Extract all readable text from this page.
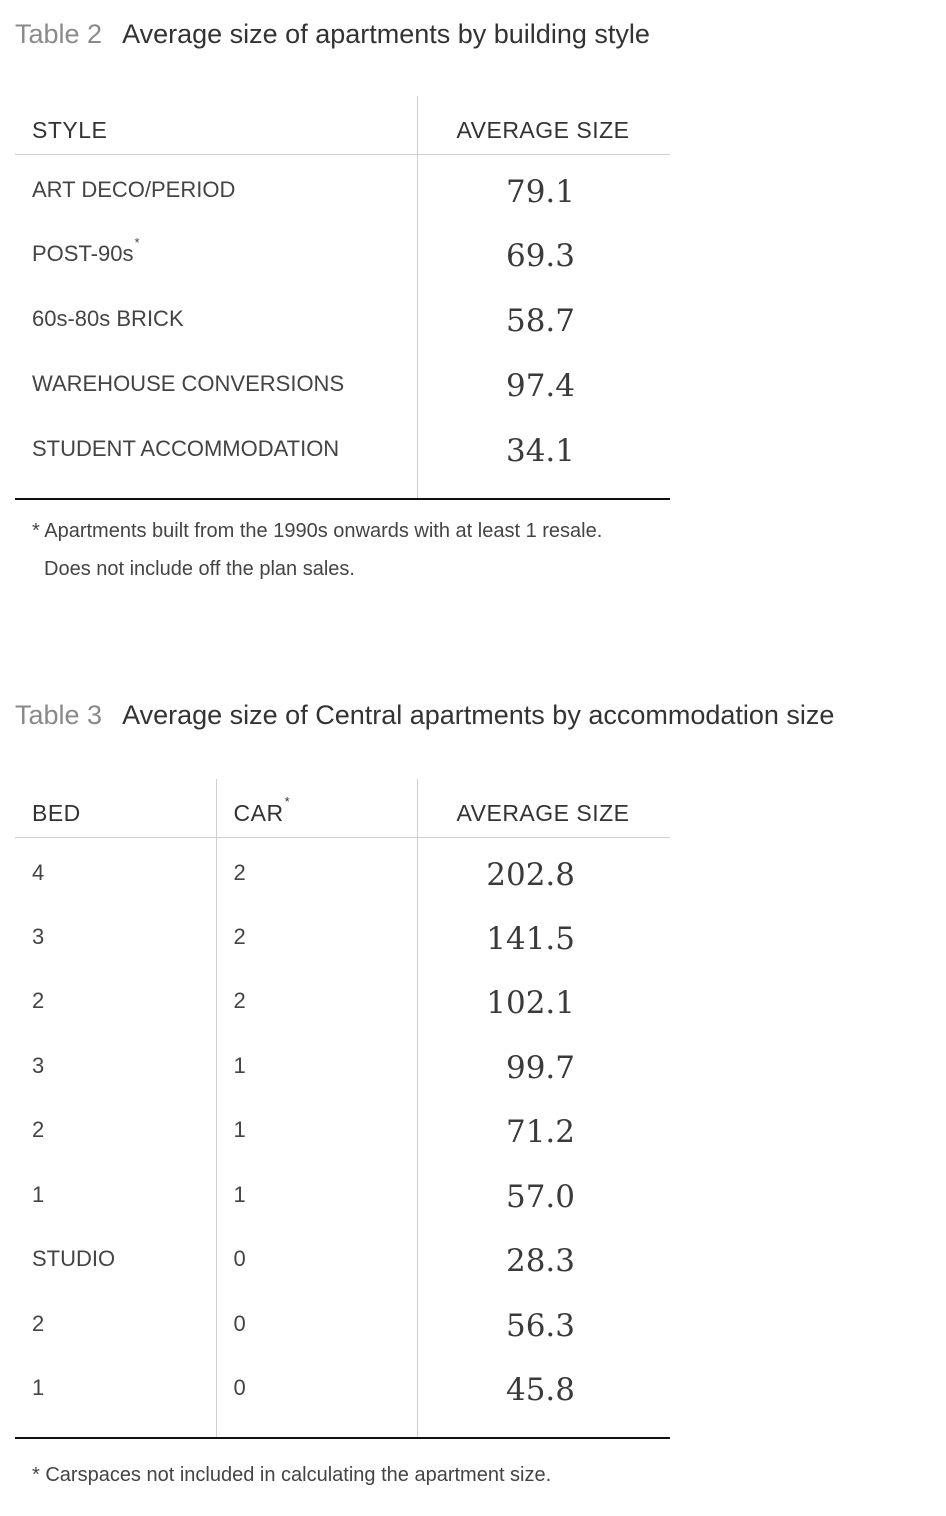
Table 2 Average size of apartments by building style
STYLE	AVERAGE SIZE
ART DECO/PERIOD	79.1
POST-90s*	69.3
60s-80s BRICK	58.7
WAREHOUSE CONVERSIONS	97.4
STUDENT ACCOMMODATION	34.1

* Apartments built from the 1990s onwards with at least 1 resale.
Does not include off the plan sales.
Table 3 Average size of Central apartments by accommodation size
BED	CAR*	AVERAGE SIZE
4	2	202.8
3	2	141.5
2	2	102.1
3	1	99.7
2	1	71.2
1	1	57.0
STUDIO	0	28.3
2	0	56.3
1	0	45.8

* Carspaces not included in calculating the apartment size.
